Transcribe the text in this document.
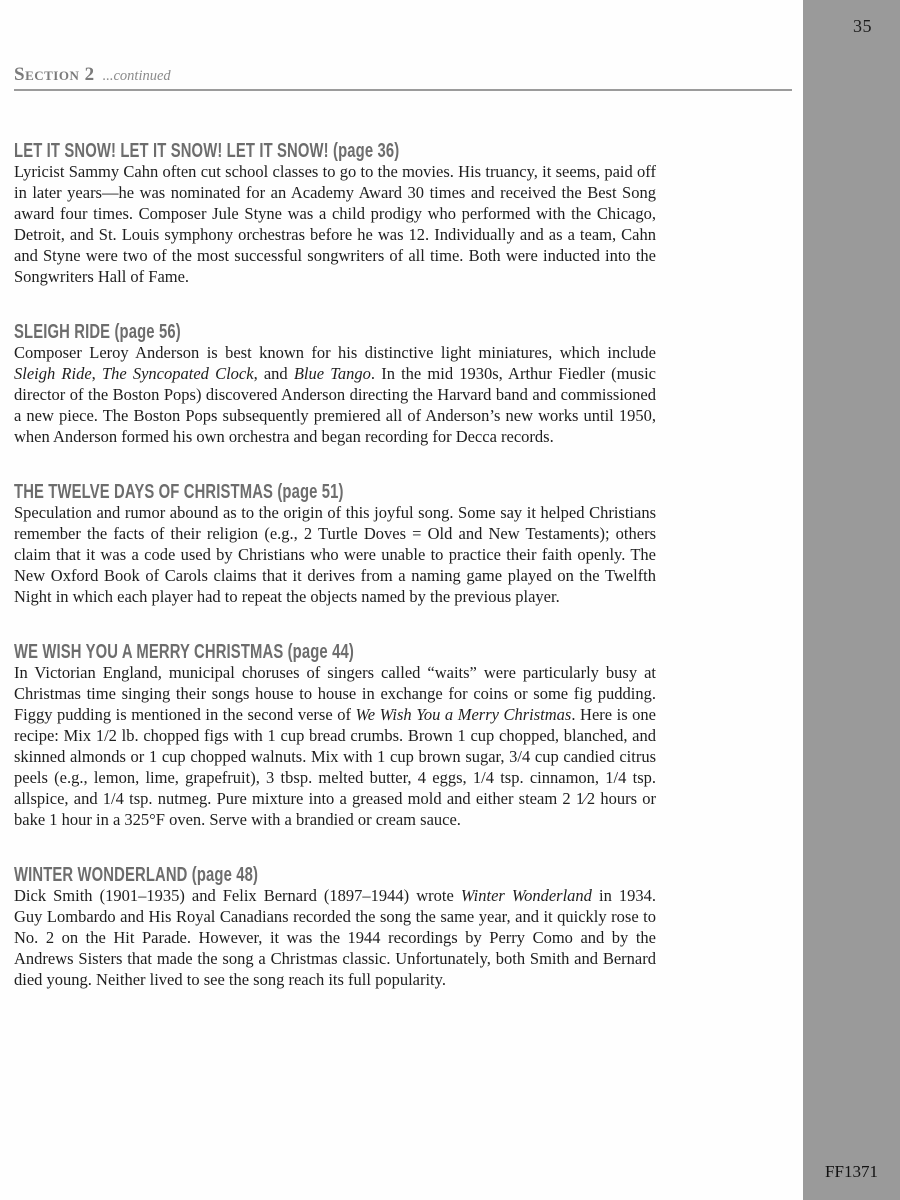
Section 2 ...continued
LET IT SNOW! LET IT SNOW! LET IT SNOW! (page 36)

Lyricist Sammy Cahn often cut school classes to go to the movies. His truancy, it seems, paid off in later years—he was nominated for an Academy Award 30 times and received the Best Song award four times. Composer Jule Styne was a child prodigy who performed with the Chicago, Detroit, and St. Louis symphony orchestras before he was 12. Individually and as a team, Cahn and Styne were two of the most successful songwriters of all time. Both were inducted into the Songwriters Hall of Fame.

SLEIGH RIDE (page 56)

Composer Leroy Anderson is best known for his distinctive light miniatures, which include Sleigh Ride, The Syncopated Clock, and Blue Tango. In the mid 1930s, Arthur Fiedler (music director of the Boston Pops) discovered Anderson directing the Harvard band and commissioned a new piece. The Boston Pops subsequently premiered all of Anderson’s new works until 1950, when Anderson formed his own orchestra and began recording for Decca records.

THE TWELVE DAYS OF CHRISTMAS (page 51)

Speculation and rumor abound as to the origin of this joyful song. Some say it helped Christians remember the facts of their religion (e.g., 2 Turtle Doves = Old and New Testaments); others claim that it was a code used by Christians who were unable to practice their faith openly. The New Oxford Book of Carols claims that it derives from a naming game played on the Twelfth Night in which each player had to repeat the objects named by the previous player.

WE WISH YOU A MERRY CHRISTMAS (page 44)

In Victorian England, municipal choruses of singers called “waits” were particularly busy at Christmas time singing their songs house to house in exchange for coins or some fig pudding. Figgy pudding is mentioned in the second verse of We Wish You a Merry Christmas. Here is one recipe: Mix 1/2 lb. chopped figs with 1 cup bread crumbs. Brown 1 cup chopped, blanched, and skinned almonds or 1 cup chopped walnuts. Mix with 1 cup brown sugar, 3/4 cup candied citrus peels (e.g., lemon, lime, grapefruit), 3 tbsp. melted butter, 4 eggs, 1/4 tsp. cinnamon, 1/4 tsp. allspice, and 1/4 tsp. nutmeg. Pure mixture into a greased mold and either steam 2 1⁄2 hours or bake 1 hour in a 325°F oven. Serve with a brandied or cream sauce.

WINTER WONDERLAND (page 48)

Dick Smith (1901–1935) and Felix Bernard (1897–1944) wrote Winter Wonderland in 1934. Guy Lombardo and His Royal Canadians recorded the song the same year, and it quickly rose to No. 2 on the Hit Parade. However, it was the 1944 recordings by Perry Como and by the Andrews Sisters that made the song a Christmas classic. Unfortunately, both Smith and Bernard died young. Neither lived to see the song reach its full popularity.

35
FF1371
